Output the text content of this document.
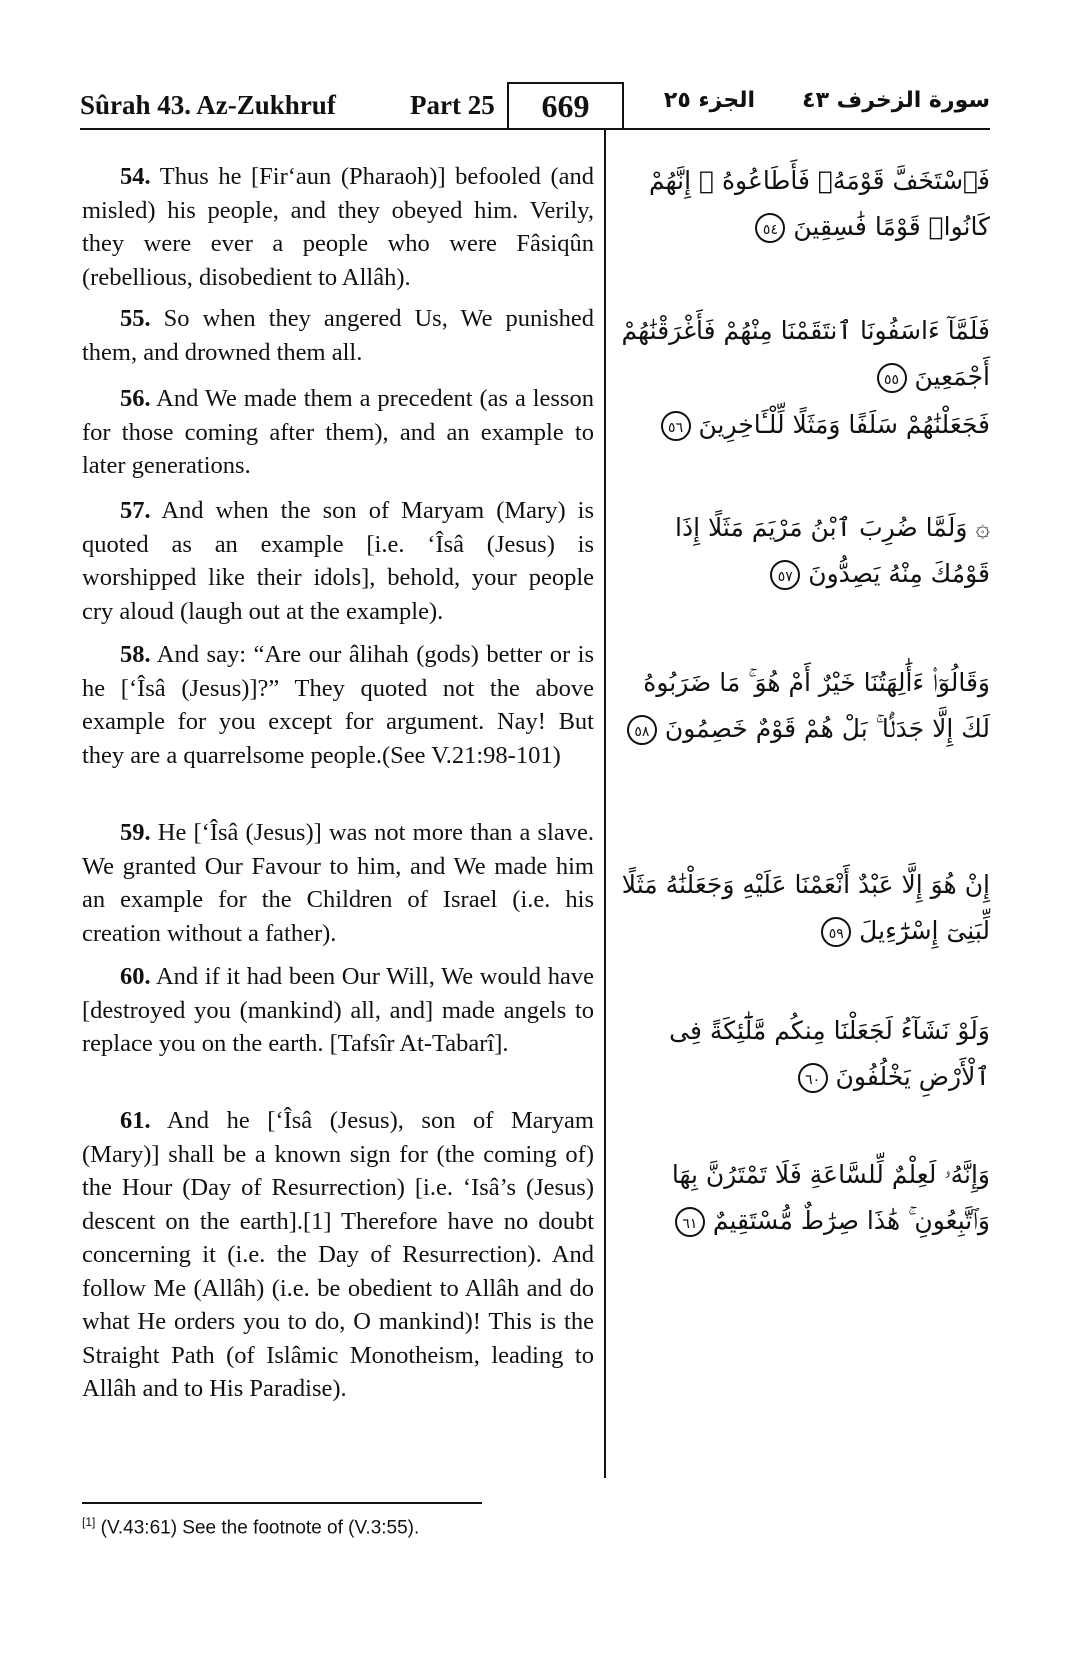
Sûrah 43. Az-Zukhruf	Part 25	669	الجزء ٢٥	سورة الزخرف ٤٣
54. Thus he [Fir‘aun (Pharaoh)] befooled (and misled) his people, and they obeyed him. Verily, they were ever a people who were Fâsiqûn (rebellious, disobedient to Allâh).
55. So when they angered Us, We punished them, and drowned them all.
56. And We made them a precedent (as a lesson for those coming after them), and an example to later generations.
57. And when the son of Maryam (Mary) is quoted as an example [i.e. ‘Îsâ (Jesus) is worshipped like their idols], behold, your people cry aloud (laugh out at the example).
58. And say: “Are our âlihah (gods) better or is he [‘Îsâ (Jesus)]?” They quoted not the above example for you except for argument. Nay! But they are a quarrelsome people.(See V.21:98-101)
59. He [‘Îsâ (Jesus)] was not more than a slave. We granted Our Favour to him, and We made him an example for the Children of Israel (i.e. his creation without a father).
60. And if it had been Our Will, We would have [destroyed you (mankind) all, and] made angels to replace you on the earth. [Tafsîr At-Tabarî].
61. And he [‘Îsâ (Jesus), son of Maryam (Mary)] shall be a known sign for (the coming of) the Hour (Day of Resurrection) [i.e. ‘Isâ’s (Jesus) descent on the earth].[1] Therefore have no doubt concerning it (i.e. the Day of Resurrection). And follow Me (Allâh) (i.e. be obedient to Allâh and do what He orders you to do, O mankind)! This is the Straight Path (of Islâmic Monotheism, leading to Allâh and to His Paradise).
فَٱسْتَخَفَّ قَوْمَهُۥ فَأَطَاعُوهُ ۚ إِنَّهُمْ كَانُوا۟ قَوْمًا فَٰسِقِينَ ٥٤
فَلَمَّآ ءَاسَفُونَا ٱنتَقَمْنَا مِنْهُمْ فَأَغْرَقْنَٰهُمْ أَجْمَعِينَ ٥٥
فَجَعَلْنَٰهُمْ سَلَفًا وَمَثَلًا لِّلْـَٔاخِرِينَ ٥٦
۞ وَلَمَّا ضُرِبَ ٱبْنُ مَرْيَمَ مَثَلًا إِذَا قَوْمُكَ مِنْهُ يَصِدُّونَ ٥٧
وَقَالُوٓا۟ ءَأَٰلِهَتُنَا خَيْرٌ أَمْ هُوَ ۚ مَا ضَرَبُوهُ لَكَ إِلَّا جَدَلًۢا ۚ بَلْ هُمْ قَوْمٌ خَصِمُونَ ٥٨
إِنْ هُوَ إِلَّا عَبْدٌ أَنْعَمْنَا عَلَيْهِ وَجَعَلْنَٰهُ مَثَلًا لِّبَنِىٓ إِسْرَٰٓءِيلَ ٥٩
وَلَوْ نَشَآءُ لَجَعَلْنَا مِنكُم مَّلَٰٓئِكَةً فِى ٱلْأَرْضِ يَخْلُفُونَ ٦٠
وَإِنَّهُۥ لَعِلْمٌ لِّلسَّاعَةِ فَلَا تَمْتَرُنَّ بِهَا وَٱتَّبِعُونِ ۚ هَٰذَا صِرَٰطٌ مُّسْتَقِيمٌ ٦١
[1] (V.43:61) See the footnote of (V.3:55).
